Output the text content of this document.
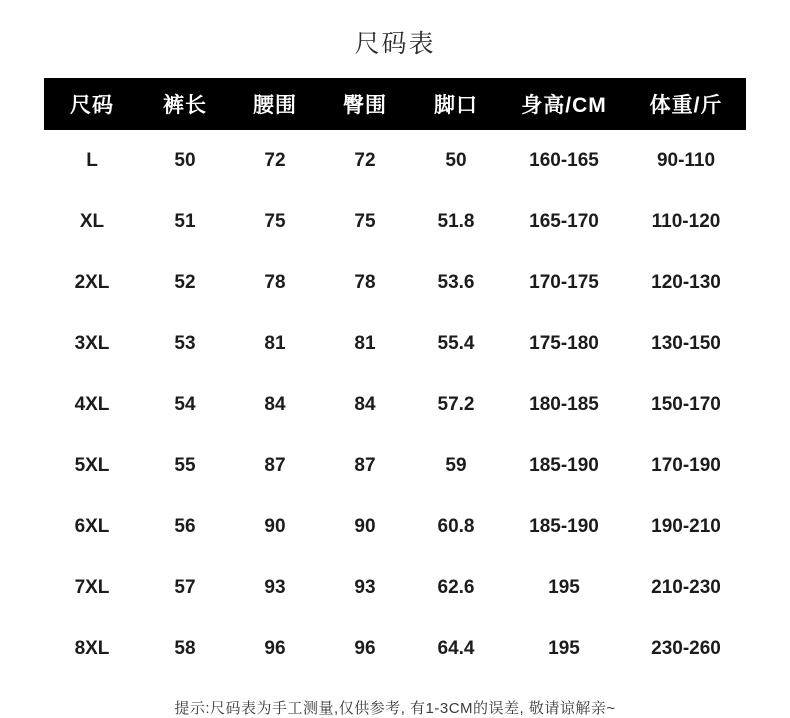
尺码表
尺码	裤长	腰围	臀围	脚口	身高/CM	体重/斤
L	50	72	72	50	160-165	90-110
XL	51	75	75	51.8	165-170	110-120
2XL	52	78	78	53.6	170-175	120-130
3XL	53	81	81	55.4	175-180	130-150
4XL	54	84	84	57.2	180-185	150-170
5XL	55	87	87	59	185-190	170-190
6XL	56	90	90	60.8	185-190	190-210
7XL	57	93	93	62.6	195	210-230
8XL	58	96	96	64.4	195	230-260
提示:尺码表为手工测量,仅供参考, 有1-3CM的误差, 敬请谅解亲~
